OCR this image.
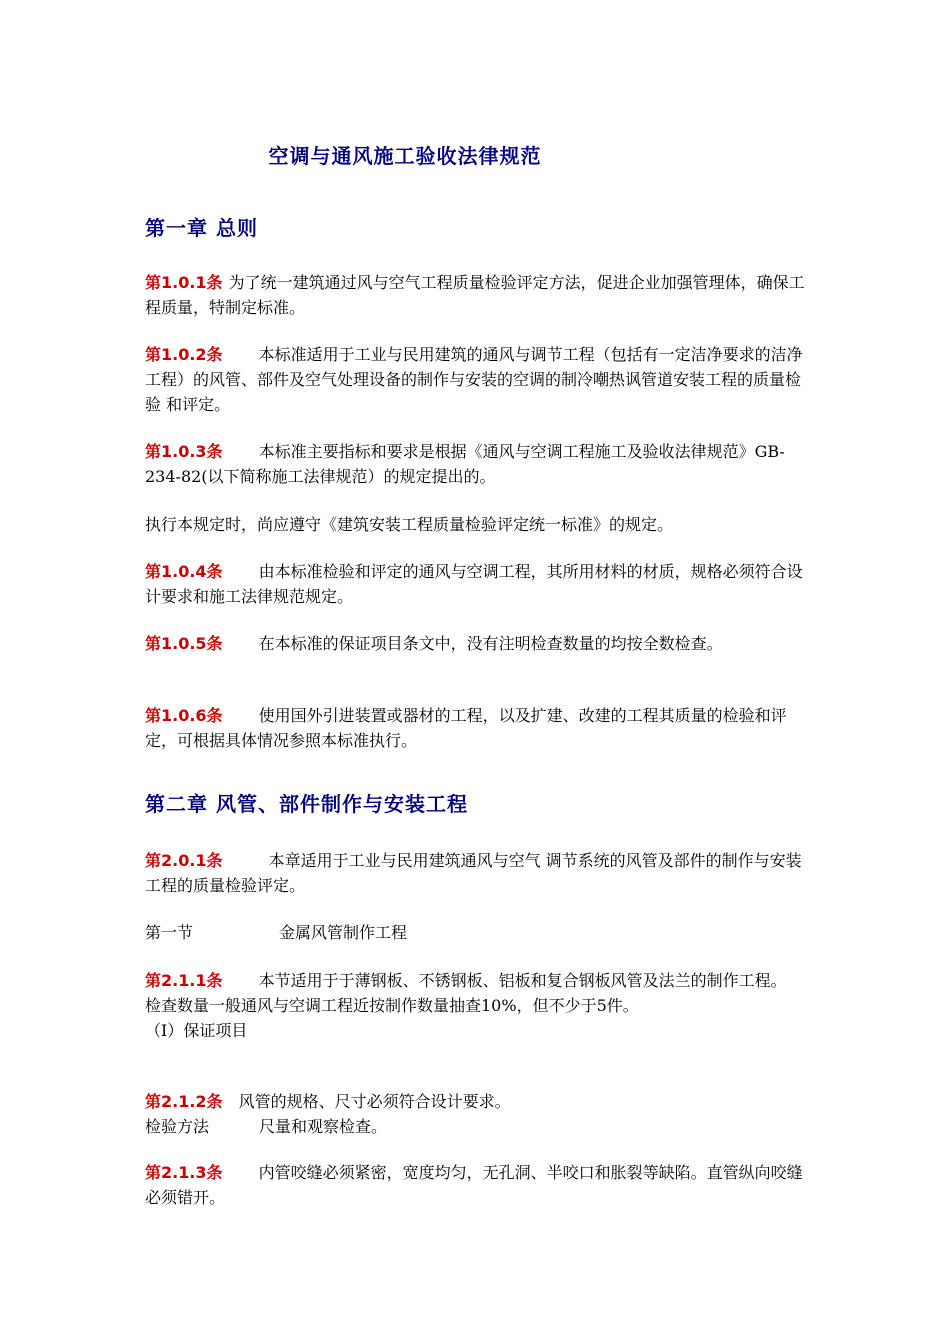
空调与通风施工验收法律规范
第一章 总则
第1.0.1条 为了统一建筑通过风与空气工程质量检验评定方法，促进企业加强管理体，确保工程质量，特制定标准。
第1.0.2条 本标准适用于工业与民用建筑的通风与调节工程（包括有一定洁净要求的洁净工程）的风管、部件及空气处理设备的制作与安装的空调的制冷嘲热讽管道安装工程的质量检验 和评定。
第1.0.3条 本标准主要指标和要求是根据《通风与空调工程施工及验收法律规范》GB-234-82(以下简称施工法律规范）的规定提出的。
执行本规定时，尚应遵守《建筑安装工程质量检验评定统一标准》的规定。
第1.0.4条 由本标准检验和评定的通风与空调工程，其所用材料的材质，规格必须符合设计要求和施工法律规范规定。
第1.0.5条 在本标准的保证项目条文中，没有注明检查数量的均按全数检查。
第1.0.6条 使用国外引进装置或器材的工程，以及扩建、改建的工程其质量的检验和评定，可根据具体情况参照本标准执行。
第二章 风管、部件制作与安装工程
第2.0.1条	本章适用于工业与民用建筑通风与空气 调节系统的风管及部件的制作与安装工程的质量检验评定。
第一节	金属风管制作工程
第2.1.1条 本节适用于于薄钢板、不锈钢板、铝板和复合钢板风管及法兰的制作工程。
检查数量一般通风与空调工程近按制作数量抽查10%，但不少于5件。
（I）保证项目
第2.1.2条 风管的规格、尺寸必须符合设计要求。
检验方法	尺量和观察检查。
第2.1.3条 内管咬缝必须紧密，宽度均匀，无孔洞、半咬口和胀裂等缺陷。直管纵向咬缝必须错开。
